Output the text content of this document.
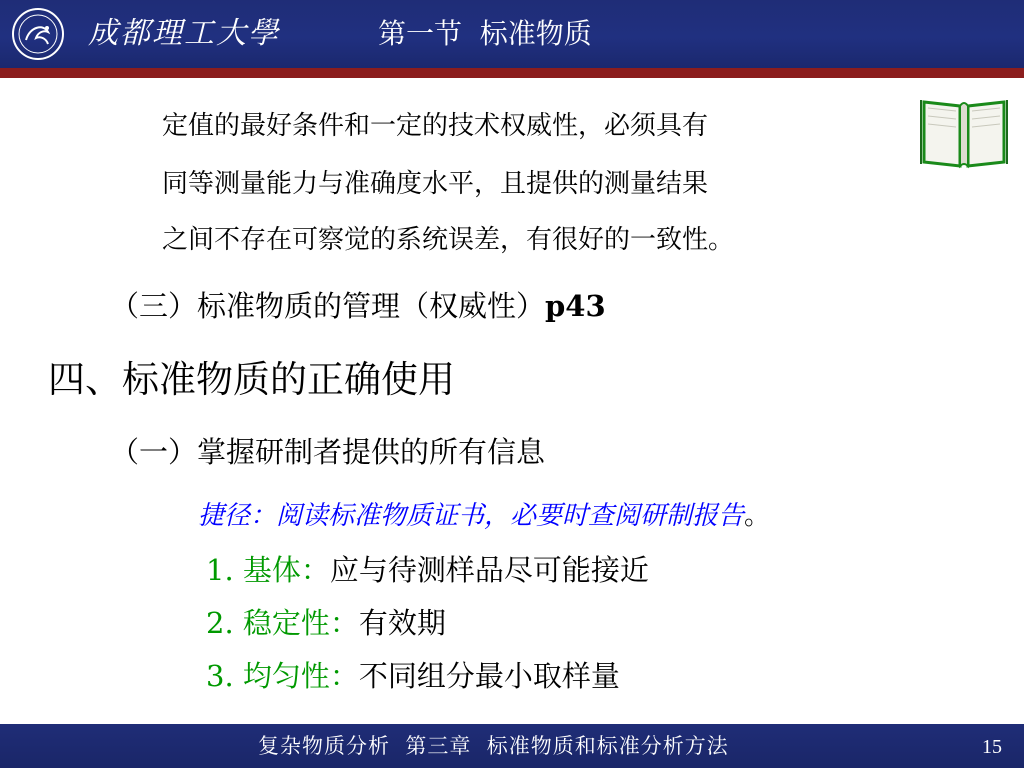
成都理工大學	第一节  标准物质
定值的最好条件和一定的技术权威性，必须具有
同等测量能力与准确度水平，且提供的测量结果
之间不存在可察觉的系统误差，有很好的一致性。
（三）标准物质的管理（权威性）p43
四、标准物质的正确使用
（一）掌握研制者提供的所有信息
捷径：阅读标准物质证书，必要时查阅研制报告。
1. 基体：应与待测样品尽可能接近
2. 稳定性：有效期
3. 均匀性：不同组分最小取样量
复杂物质分析  第三章  标准物质和标准分析方法	15
